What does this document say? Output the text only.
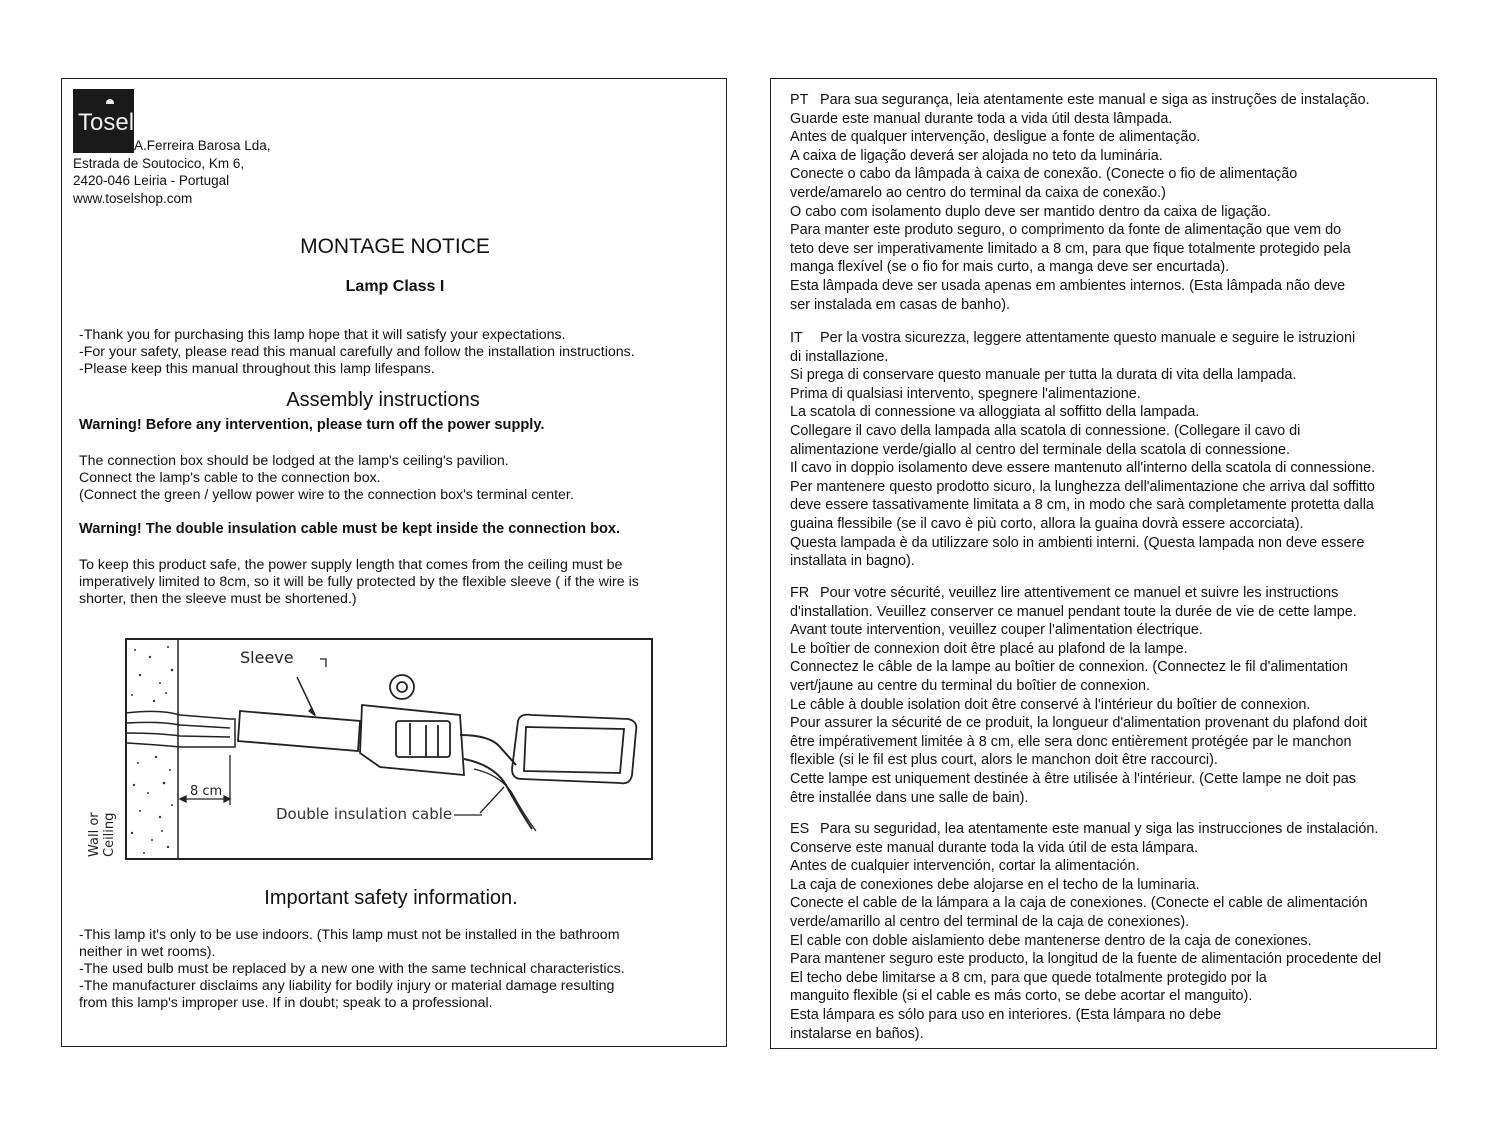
Tosel
A.Ferreira Barosa Lda,
Estrada de Soutocico, Km 6,
2420-046 Leiria - Portugal
www.toselshop.com
MONTAGE NOTICE
Lamp Class I
-Thank you for purchasing this lamp hope that it will satisfy your expectations.
-For your safety, please read this manual carefully and follow the installation instructions.
-Please keep this manual throughout this lamp lifespans.
Assembly instructions
Warning! Before any intervention, please turn off the power supply.
The connection box should be lodged at the lamp's ceiling's pavilion.
Connect the lamp's cable to the connection box.
(Connect the green / yellow power wire to the connection box's terminal center.
Warning! The double insulation cable must be kept inside the connection box.
To keep this product safe, the power supply length that comes from the ceiling must be
imperatively limited to 8cm, so it will be fully protected by the flexible sleeve ( if the wire is
shorter, then the sleeve must be shortened.)
8 cm
Sleeve
Double insulation cable
Wall or Ceiling
Important safety information.
-This lamp it's only to be use indoors. (This lamp must not be installed in the bathroom
neither in wet rooms).
-The used bulb must be replaced by a new one with the same technical characteristics.
-The manufacturer disclaims any liability for bodily injury or material damage resulting
from this lamp's improper use. If in doubt; speak to a professional.
PT Para sua segurança, leia atentamente este manual e siga as instruções de instalação.
Guarde este manual durante toda a vida útil desta lâmpada.
Antes de qualquer intervenção, desligue a fonte de alimentação.
A caixa de ligação deverá ser alojada no teto da luminária.
Conecte o cabo da lâmpada à caixa de conexão. (Conecte o fio de alimentação
verde/amarelo ao centro do terminal da caixa de conexão.)
O cabo com isolamento duplo deve ser mantido dentro da caixa de ligação.
Para manter este produto seguro, o comprimento da fonte de alimentação que vem do
teto deve ser imperativamente limitado a 8 cm, para que fique totalmente protegido pela
manga flexível (se o fio for mais curto, a manga deve ser encurtada).
Esta lâmpada deve ser usada apenas em ambientes internos. (Esta lâmpada não deve
ser instalada em casas de banho).
IT Per la vostra sicurezza, leggere attentamente questo manuale e seguire le istruzioni
di installazione.
Si prega di conservare questo manuale per tutta la durata di vita della lampada.
Prima di qualsiasi intervento, spegnere l'alimentazione.
La scatola di connessione va alloggiata al soffitto della lampada.
Collegare il cavo della lampada alla scatola di connessione. (Collegare il cavo di
alimentazione verde/giallo al centro del terminale della scatola di connessione.
Il cavo in doppio isolamento deve essere mantenuto all'interno della scatola di connessione.
Per mantenere questo prodotto sicuro, la lunghezza dell'alimentazione che arriva dal soffitto
deve essere tassativamente limitata a 8 cm, in modo che sarà completamente protetta dalla
guaina flessibile (se il cavo è più corto, allora la guaina dovrà essere accorciata).
Questa lampada è da utilizzare solo in ambienti interni. (Questa lampada non deve essere
installata in bagno).
FR Pour votre sécurité, veuillez lire attentivement ce manuel et suivre les instructions
d'installation. Veuillez conserver ce manuel pendant toute la durée de vie de cette lampe.
Avant toute intervention, veuillez couper l'alimentation électrique.
Le boîtier de connexion doit être placé au plafond de la lampe.
Connectez le câble de la lampe au boîtier de connexion. (Connectez le fil d'alimentation
vert/jaune au centre du terminal du boîtier de connexion.
Le câble à double isolation doit être conservé à l'intérieur du boîtier de connexion.
Pour assurer la sécurité de ce produit, la longueur d'alimentation provenant du plafond doit
être impérativement limitée à 8 cm, elle sera donc entièrement protégée par le manchon
flexible (si le fil est plus court, alors le manchon doit être raccourci).
Cette lampe est uniquement destinée à être utilisée à l'intérieur. (Cette lampe ne doit pas
être installée dans une salle de bain).
ES Para su seguridad, lea atentamente este manual y siga las instrucciones de instalación.
Conserve este manual durante toda la vida útil de esta lámpara.
Antes de cualquier intervención, cortar la alimentación.
La caja de conexiones debe alojarse en el techo de la luminaria.
Conecte el cable de la lámpara a la caja de conexiones. (Conecte el cable de alimentación
verde/amarillo al centro del terminal de la caja de conexiones).
El cable con doble aislamiento debe mantenerse dentro de la caja de conexiones.
Para mantener seguro este producto, la longitud de la fuente de alimentación procedente del
El techo debe limitarse a 8 cm, para que quede totalmente protegido por la
manguito flexible (si el cable es más corto, se debe acortar el manguito).
Esta lámpara es sólo para uso en interiores. (Esta lámpara no debe
instalarse en baños).
